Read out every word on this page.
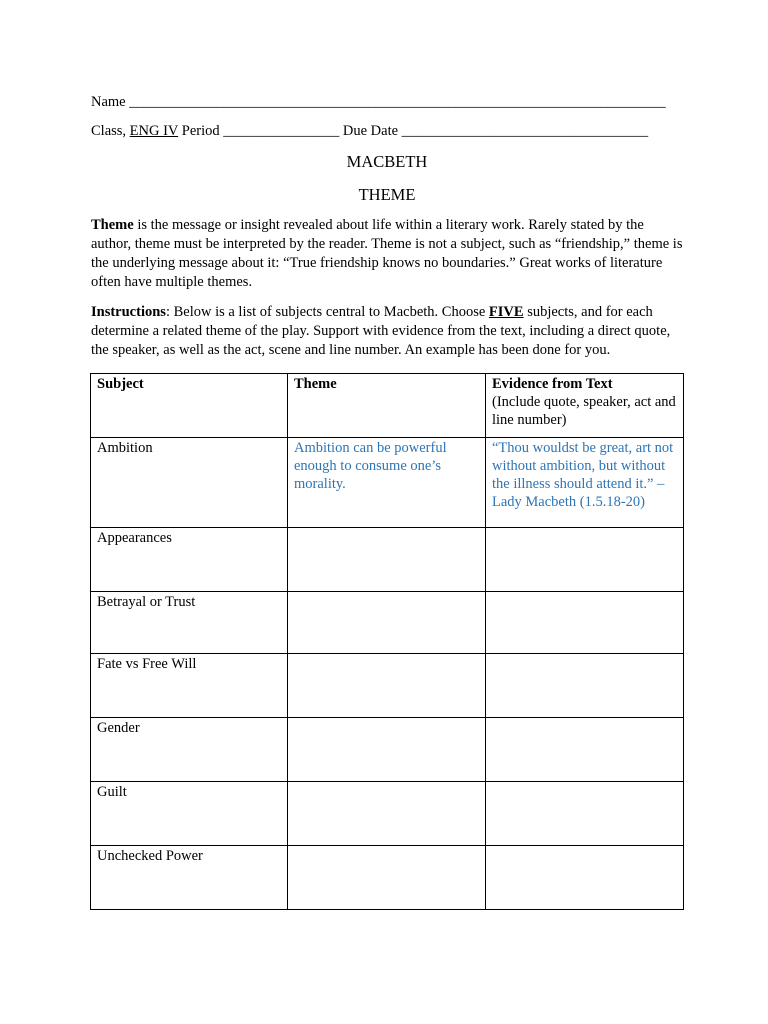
Name __________________________________________________________________________
Class, ENG IV Period ________________ Due Date __________________________________
MACBETH
THEME

Theme is the message or insight revealed about life within a literary work. Rarely stated by the author, theme must be interpreted by the reader. Theme is not a subject, such as “friendship,” theme is the underlying message about it: “True friendship knows no boundaries.” Great works of literature often have multiple themes.

Instructions: Below is a list of subjects central to Macbeth. Choose FIVE subjects, and for each determine a related theme of the play. Support with evidence from the text, including a direct quote, the speaker, as well as the act, scene and line number. An example has been done for you.

Subject	Theme	Evidence from Text
(Include quote, speaker, act and line number)
Ambition	Ambition can be powerful enough to consume one’s morality.	“Thou wouldst be great, art not without ambition, but without the illness should attend it.” – Lady Macbeth (1.5.18-20)
Appearances		
Betrayal or Trust		
Fate vs Free Will		
Gender		
Guilt		
Unchecked Power		
